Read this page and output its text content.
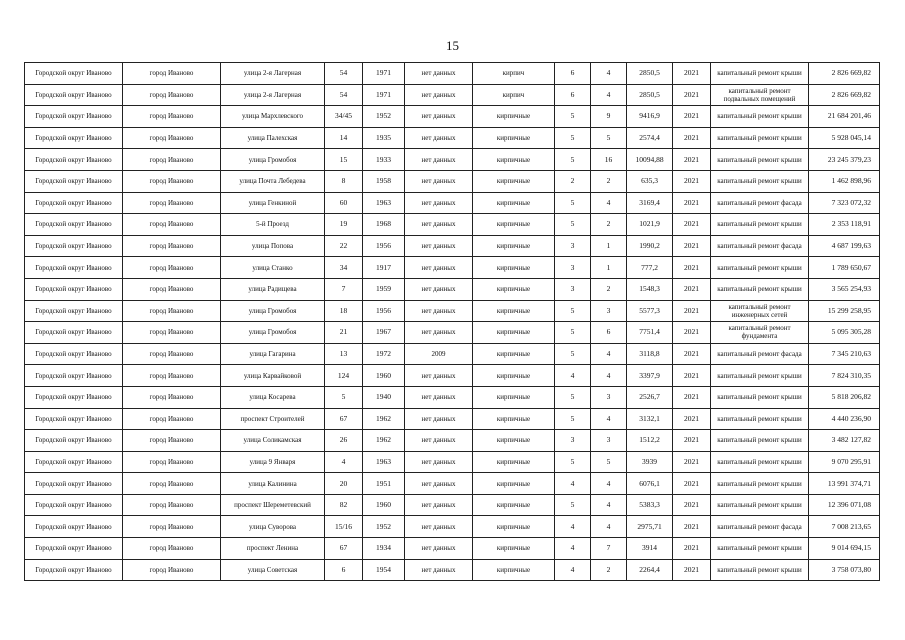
15
Городской округ Иваново	город Иваново	улица 2-я Лагерная	54	1971	нет данных	кирпич	6	4	2850,5	2021	капитальный ремонт крыши	2 826 669,82
Городской округ Иваново	город Иваново	улица 2-я Лагерная	54	1971	нет данных	кирпич	6	4	2850,5	2021	капитальный ремонт подвальных помещений	2 826 669,82
Городской округ Иваново	город Иваново	улица Мархлевского	34/45	1952	нет данных	кирпичные	5	9	9416,9	2021	капитальный ремонт крыши	21 684 201,46
Городской округ Иваново	город Иваново	улица Палехская	14	1935	нет данных	кирпичные	5	5	2574,4	2021	капитальный ремонт крыши	5 928 045,14
Городской округ Иваново	город Иваново	улица Громобоя	15	1933	нет данных	кирпичные	5	16	10094,88	2021	капитальный ремонт крыши	23 245 379,23
Городской округ Иваново	город Иваново	улица Почта Лебедева	8	1958	нет данных	кирпичные	2	2	635,3	2021	капитальный ремонт крыши	1 462 898,96
Городской округ Иваново	город Иваново	улица Генкиной	60	1963	нет данных	кирпичные	5	4	3169,4	2021	капитальный ремонт фасада	7 323 072,32
Городской округ Иваново	город Иваново	5-й Проезд	19	1968	нет данных	кирпичные	5	2	1021,9	2021	капитальный ремонт крыши	2 353 118,91
Городской округ Иваново	город Иваново	улица Попова	22	1956	нет данных	кирпичные	3	1	1990,2	2021	капитальный ремонт фасада	4 687 199,63
Городской округ Иваново	город Иваново	улица Станко	34	1917	нет данных	кирпичные	3	1	777,2	2021	капитальный ремонт крыши	1 789 650,67
Городской округ Иваново	город Иваново	улица Радищева	7	1959	нет данных	кирпичные	3	2	1548,3	2021	капитальный ремонт крыши	3 565 254,93
Городской округ Иваново	город Иваново	улица Громобоя	18	1956	нет данных	кирпичные	5	3	5577,3	2021	капитальный ремонт инженерных сетей	15 299 258,95
Городской округ Иваново	город Иваново	улица Громобоя	21	1967	нет данных	кирпичные	5	6	7751,4	2021	капитальный ремонт фундамента	5 095 305,28
Городской округ Иваново	город Иваново	улица Гагарина	13	1972	2009	кирпичные	5	4	3118,8	2021	капитальный ремонт фасада	7 345 210,63
Городской округ Иваново	город Иваново	улица Карвайковой	124	1960	нет данных	кирпичные	4	4	3397,9	2021	капитальный ремонт крыши	7 824 310,35
Городской округ Иваново	город Иваново	улица Косарева	5	1940	нет данных	кирпичные	5	3	2526,7	2021	капитальный ремонт крыши	5 818 206,82
Городской округ Иваново	город Иваново	проспект Строителей	67	1962	нет данных	кирпичные	5	4	3132,1	2021	капитальный ремонт крыши	4 440 236,90
Городской округ Иваново	город Иваново	улица Соликамская	26	1962	нет данных	кирпичные	3	3	1512,2	2021	капитальный ремонт крыши	3 482 127,82
Городской округ Иваново	город Иваново	улица 9 Января	4	1963	нет данных	кирпичные	5	5	3939	2021	капитальный ремонт крыши	9 070 295,91
Городской округ Иваново	город Иваново	улица Калинина	20	1951	нет данных	кирпичные	4	4	6076,1	2021	капитальный ремонт крыши	13 991 374,71
Городской округ Иваново	город Иваново	проспект Шереметевский	82	1960	нет данных	кирпичные	5	4	5383,3	2021	капитальный ремонт крыши	12 396 071,08
Городской округ Иваново	город Иваново	улица Суворова	15/16	1952	нет данных	кирпичные	4	4	2975,71	2021	капитальный ремонт фасада	7 008 213,65
Городской округ Иваново	город Иваново	проспект Ленина	67	1934	нет данных	кирпичные	4	7	3914	2021	капитальный ремонт крыши	9 014 694,15
Городской округ Иваново	город Иваново	улица Советская	6	1954	нет данных	кирпичные	4	2	2264,4	2021	капитальный ремонт крыши	3 758 073,80
